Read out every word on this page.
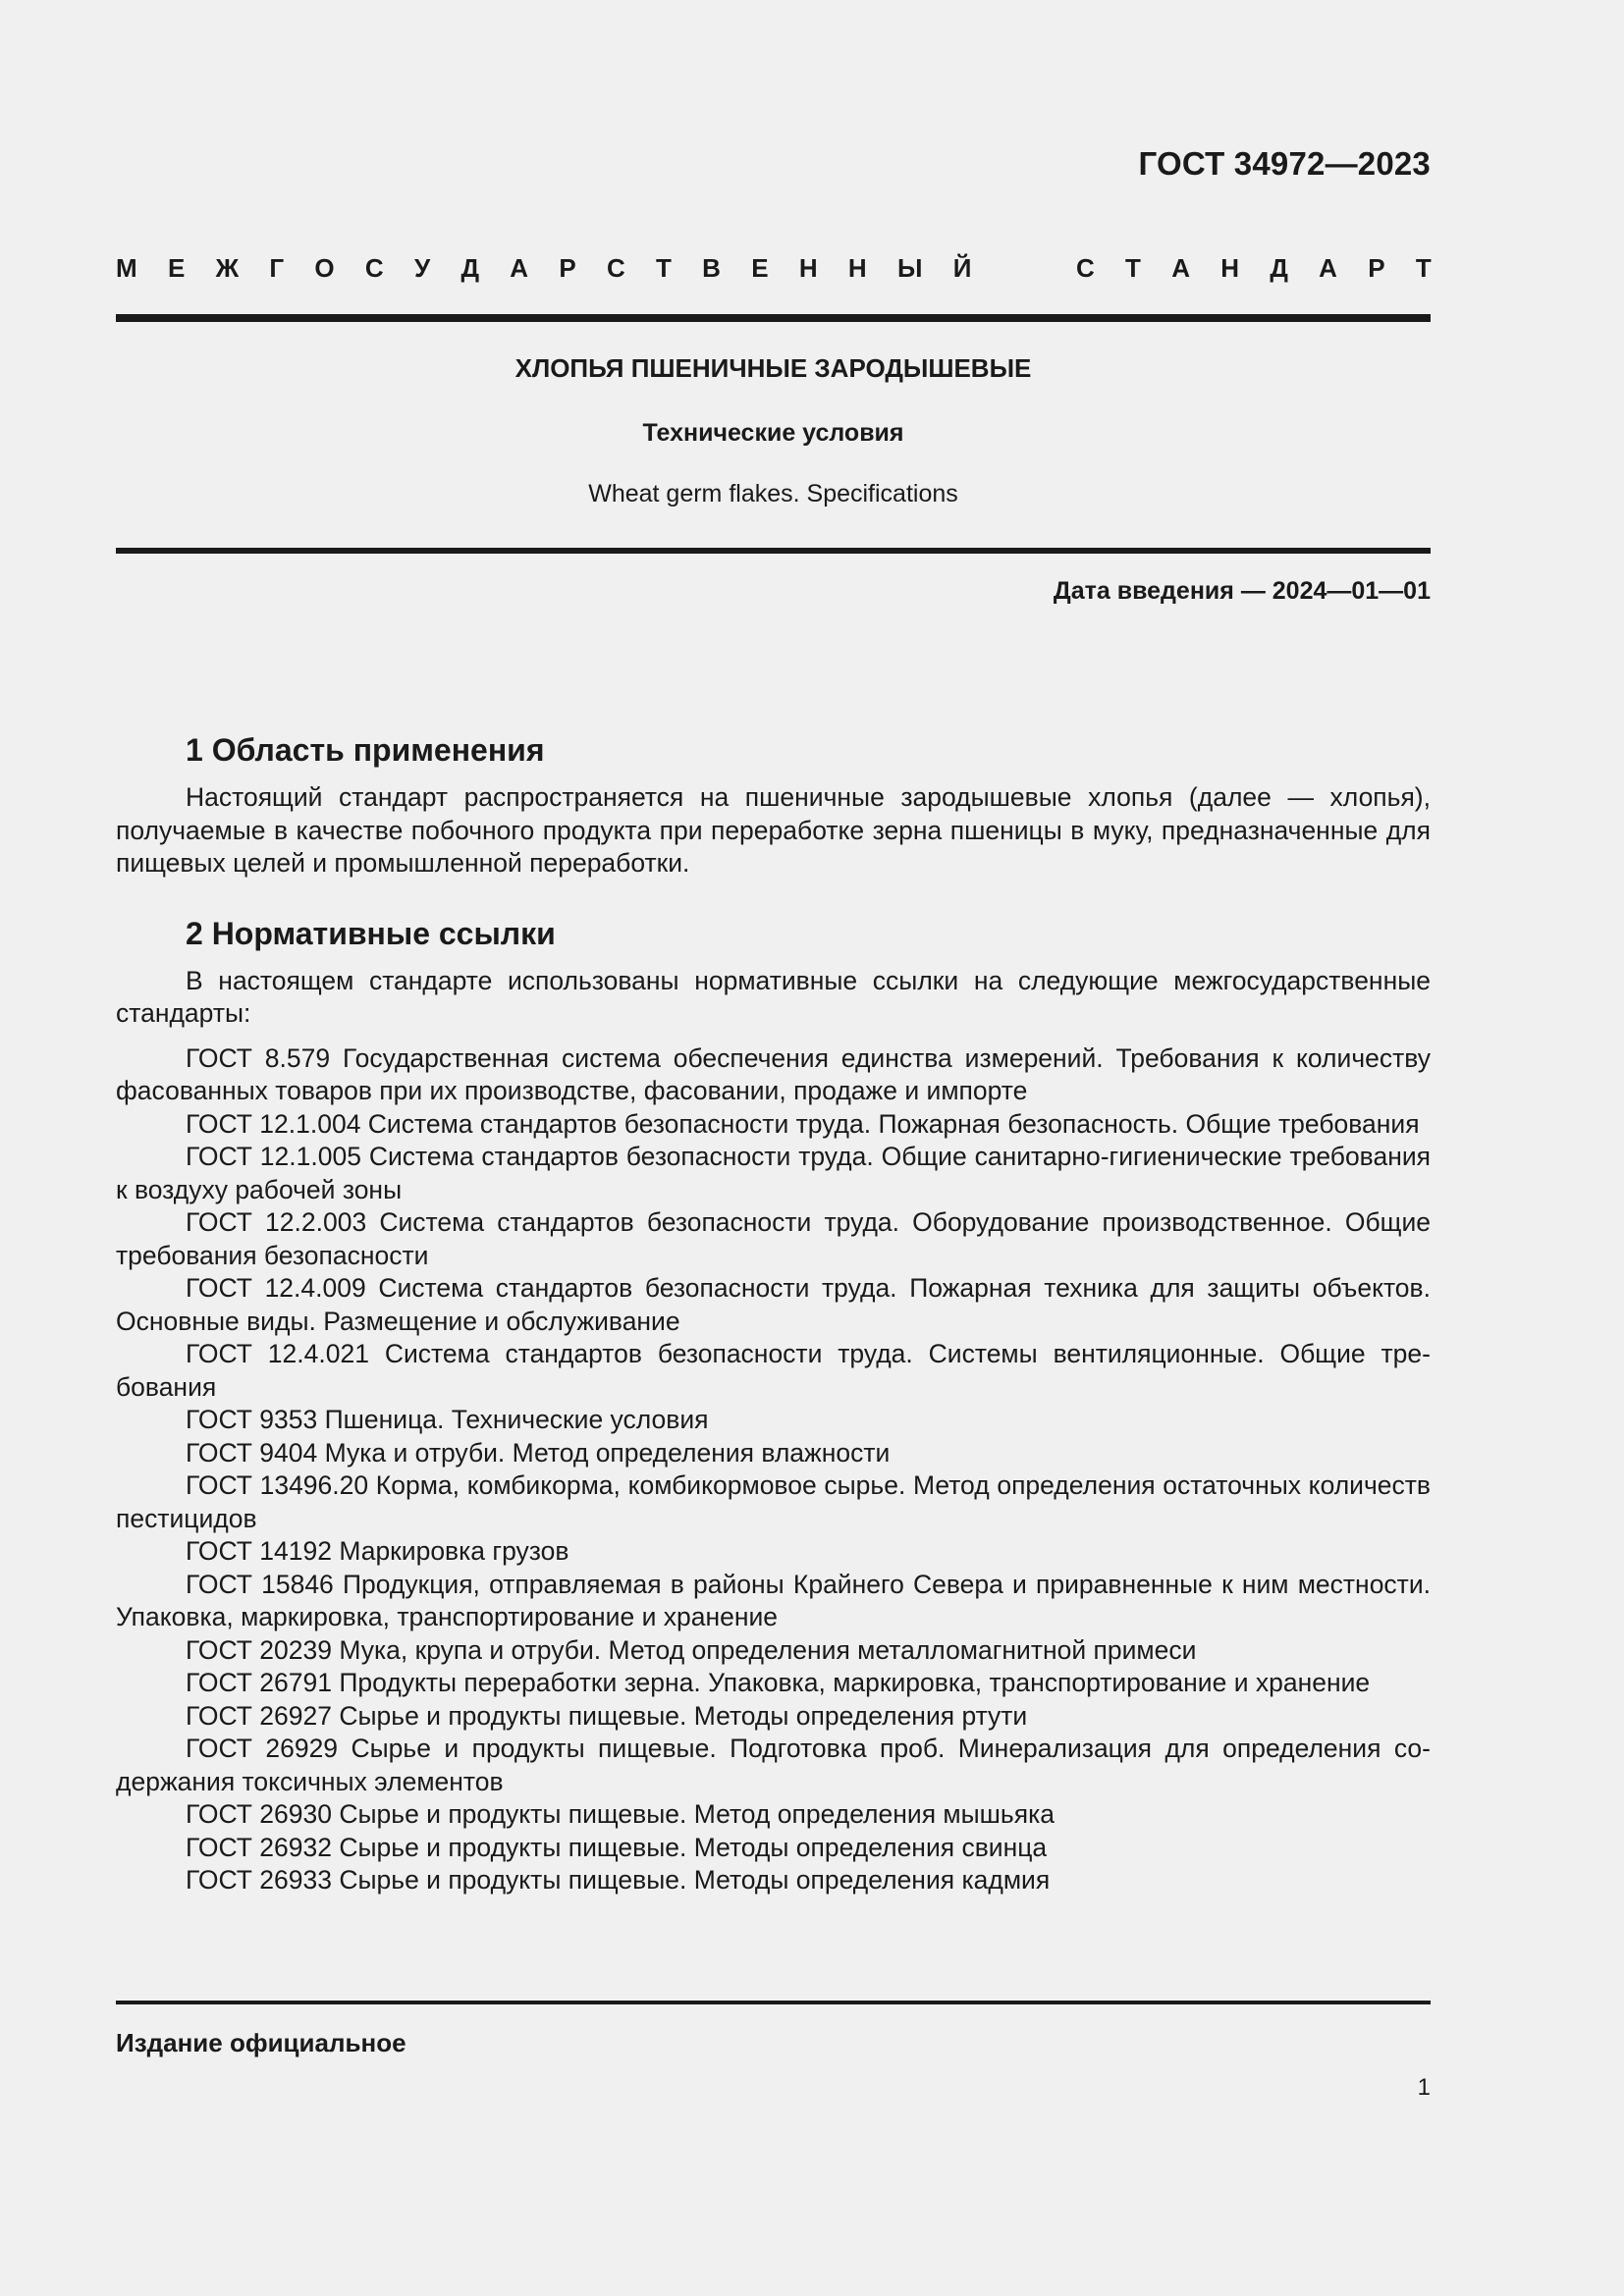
ГОСТ 34972—2023
М Е Ж Г О С У Д А Р С Т В Е Н Н Ы Й	С Т А Н Д А Р Т
ХЛОПЬЯ ПШЕНИЧНЫЕ ЗАРОДЫШЕВЫЕ
Технические условия
Wheat germ flakes. Specifications
Дата введения — 2024—01—01
1 Область применения

Настоящий стандарт распространяется на пшеничные зародышевые хлопья (далее — хлопья), получаемые в качестве побочного продукта при переработке зерна пшеницы в муку, предназначенные для пищевых целей и промышленной переработки.

2 Нормативные ссылки

В настоящем стандарте использованы нормативные ссылки на следующие межгосударственные стандарты:

ГОСТ 8.579 Государственная система обеспечения единства измерений. Требования к количеству фасованных товаров при их производстве, фасовании, продаже и импорте
ГОСТ 12.1.004 Система стандартов безопасности труда. Пожарная безопасность. Общие требования
ГОСТ 12.1.005 Система стандартов безопасности труда. Общие санитарно-гигиенические требования к воздуху рабочей зоны
ГОСТ 12.2.003 Система стандартов безопасности труда. Оборудование производственное. Общие требования безопасности
ГОСТ 12.4.009 Система стандартов безопасности труда. Пожарная техника для защиты объектов. Основные виды. Размещение и обслуживание
ГОСТ 12.4.021 Система стандартов безопасности труда. Системы вентиляционные. Общие требования
ГОСТ 9353 Пшеница. Технические условия
ГОСТ 9404 Мука и отруби. Метод определения влажности
ГОСТ 13496.20 Корма, комбикорма, комбикормовое сырье. Метод определения остаточных количеств пестицидов
ГОСТ 14192 Маркировка грузов
ГОСТ 15846 Продукция, отправляемая в районы Крайнего Севера и приравненные к ним местности. Упаковка, маркировка, транспортирование и хранение
ГОСТ 20239 Мука, крупа и отруби. Метод определения металломагнитной примеси
ГОСТ 26791 Продукты переработки зерна. Упаковка, маркировка, транспортирование и хранение
ГОСТ 26927 Сырье и продукты пищевые. Методы определения ртути
ГОСТ 26929 Сырье и продукты пищевые. Подготовка проб. Минерализация для определения содержания токсичных элементов
ГОСТ 26930 Сырье и продукты пищевые. Метод определения мышьяка
ГОСТ 26932 Сырье и продукты пищевые. Методы определения свинца
ГОСТ 26933 Сырье и продукты пищевые. Методы определения кадмия
Издание официальное
1
